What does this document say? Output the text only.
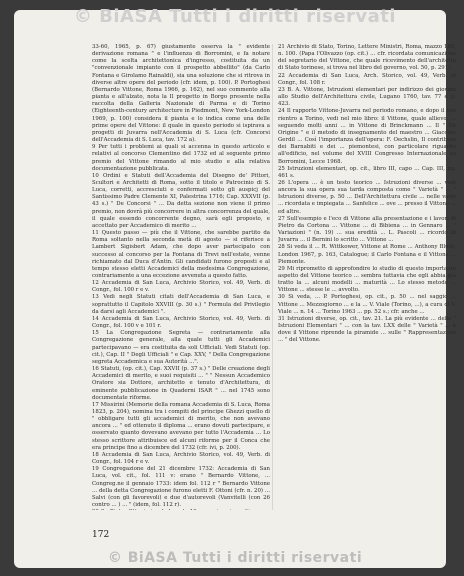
© BiASA Tutti i diritti riservati

33-60, 1965, p. 67) giustamente osserva la " evidente derivazione romana " e l'influenza di Borromini, e fa notare come la scelta architettonica d'ingresso, costituita da un "convenzionale impianto con il prospetto abbellito" (da Carlo Fontana e Girolamo Rainaldi), sia una soluzione che si ritrova in diverse altre opere del periodo (cfr. idem, p. 100). P. Portoghesi (Bernardo Vittone, Roma 1966, p. 162), nel suo commento alla pianta e all'alzato, nota la Il progetto in Borgo presente nella raccolta della Galleria Nazionale di Parma e di Torino (Eighteenth-century architecture in Piedmont, New York-London 1969, p. 100) considera il pianta e lo indica come una delle prime opere del Vittone: il quale in questo periodo si ispirava a progetti di Juvarra nell'Accademia di S. Luca (cfr. Concorsi dell'Accademia di S. Luca, tav. 172 a).

9 Per tutti i problemi ai quali si accenna in questo articolo e relativi al concorso Clementino del 1732 ed al seguente primo premio del Vittone rimando al mio studio e alla relativa documentazione pubblicata.

10 Ordini e Statuti dell'Accademia del Disegno de' Pittori, Scultori e Architetti di Roma, sotto il titolo e Patrocinio di S. Luca, corretti, accresciuti e confermati sotto gli auspicj del Santissimo Padre Clemente XI, Palestrina 1716; Cap. XXXVII (p. 43 s.) " De Concorsi " ... Da detta sezione non viene il primo premio, non dovrà più concorrere in altra concorrenza del quale, il quale essendo concorrente degno, sarà egli proposto, e accettato per Accademico di merito ...

11 Questo passo — più che il Vittone, che sarebbe partito da Roma soltanto nella seconda metà di agosto — si riferisce a Lambert Sigisbert Adam, che dopo aver partecipato con successo al concorso per la Fontana di Trevi nell'estate, venne richiamato dal Duca d'Antin. Gli candidati furono proposti e al tempo stesso eletti Accademici della medesima Congregazione, contrariamente a una eccezione avvenuta a questo fatto.

12 Accademia di San Luca, Archivio Storico, vol. 49, Verb. di Congr., fol. 100 r e v.

13 Vedi negli Statuti citati dell'Accademia di San Luca, e soprattutto il Capitolo XXVIII (p. 30 s.) " Formula del Privilegio da darsi agli Accademici ".

14 Accademia di San Luca, Archivio Storico, vol. 49, Verb. di Congr., fol. 100 v e 101 r.

15 La Congregazione Segreta — contrariamente alla Congregazione generale, alla quale tutti gli Accademici partecipavano — era costituita da soli Ufficiali. Vedi Statuti (op. cit.), Cap. II " Degli Ufficiali " e Cap. XXV, " Della Congregazione segreta Accademica e sua Autorità ...".

16 Statuti, (op. cit.), Cap. XXVII (p. 37 s.) " Delle creazione degli Accademici di merito, e suoi requisiti ... " " Nessun Accademico Oratore sia Dottore, architetto e tenuto d'Architettura, di eminente pubblicazione in Quaderni ISAR " ... nel 1745 sono documentate riforme.

17 Missirini (Memorie della romana Accademia di S. Luca, Roma 1823, p. 204), nomina tra i compiti del principe Ghezzi quello di " obbligare tutti gli accademici di merito, che non avevano ancora ... " ed ottenuto il diploma ... erano dovuti partecipare, e osservato quanto dovevano avevano per tutto l'Accademia ... Lo stesso scrittore attribuisce ed alcuni riforme per il Conca che era principe fino a dicembre del 1732 (cfr. ivi, p. 200).

18 Accademia di San Luca, Archivio Storico, vol. 49, Verb. di Congr., fol. 104 r e v.

19 Congregazione del 21 dicembre 1732: Accademia di San Luca, vol. cit., fol. 111 v: erano " Bernardo Vittone, ... Congreg.ne il gennaio 1733: idem fol. 112 r " Bernardo Vittone ... della detta Congregazione furono eletti F. Ottoni (cfr. n. 20) ... Salvi (con gli favorevoli) e due d'autorevoli (Vanvitelli (con 26 contro ... ) ... " (idem, fol. 112 r).

21 Archivio di Stato, Torino, Lettere Ministri, Roma, mazzo 189, n. 100. (Papa l'Olivazzo (op. cit.) ... cfr. ricordata comunicazione del segretario del Vittone, che quale ricevimento dell'architetto di Stato torinese, si trova nel libro del governo, vol. 50, p. 291).

22 Accademia di San Luca, Arch. Storico, vol. 49, Verb. di Congr., fol. 108 r.

23 B. A. Vittone, Istruzioni elementari per indirizzo dei giovani allo Studio dell'Architettura civile, Lugano 1760, tav. 77 e p. 423.

24 Il rapporto Vittone-Juvarra nel periodo romano, e dopo il suo rientro a Torino, vedi nel mio libro: il Vittone, quale allievo, ... seguendo molti anni ... in Vittone di Brinckmann ... Il " De Origine " e il metodo di insegnamento del maestro ... Giacomo Gerdil ... Così l'importanza dell'opera: F. Oechslin, Il contributo dei Barnabiti e dei ... piemontesi, con particolare riguardo all'edificio, nel volume del XVIII Congresso Internazionale su Borromini, Lecce 1968.

25 Istruzioni elementari, op. cit., libro III, capo ... Cap. III, pp. 461 s.

26 L'opera ... è un testo teorico ... Istruzioni diverse ... vedi ancora la sua opera sua tarda composta come " Varietà " ... " Istruzioni diverse, p. 50 ... Dell'Architettura civile ... nelle varie ... ricordata e impiegata ... Sanfelice ... ove ... presso il Vittone ... ed altre.

27 Sull'esempio e l'eco di Vittone alla presentazione e i lavori di Pietro da Cortona ... Vittone ... di Bibiena ... in Gennaro ... " Variazioni " (n. 19) ... sua eredità ... L. Pascoli ... ricordo di Juvarra ... il Bernini lo scritto ... Vittone ...

28 Si veda il ... R. Wittkower, Vittone at Rome ... Anthony Blunt, London 1967, p. 163, Catalogue; il Carlo Fontana e il Vittone ... Piemonte.

29 Mi riprometto di approfondire lo studio di questo importante aspetto del Vittone teorico ... sembra tuttavia che egli abbia già tratto la ... alcuni modelli ... maturità ... Lo stesso metodo ... Vittone ... stesse le ... avvolto.

30 Si veda, ... P. Portoghesi, op. cit., p. 50 ... nel saggio ... Vittone ... Mezzogiorno ... e la ... V. Viale (Torino, ...), a cura di V. Viale ... n. 14 ... Torino 1963 ... pp. 52 s.; cfr. anche ...

31 Istruzioni diverse, op. cit., tav. 21. La più evidente ... delle " Istruzioni Elementari " ... con la tav. LXX delle " Varietà " ... e dove il Vittone riprende la piramide ... sulle " Rappresentazioni ... " del Vittone.

172
© BiASA Tutti i diritti riservati
